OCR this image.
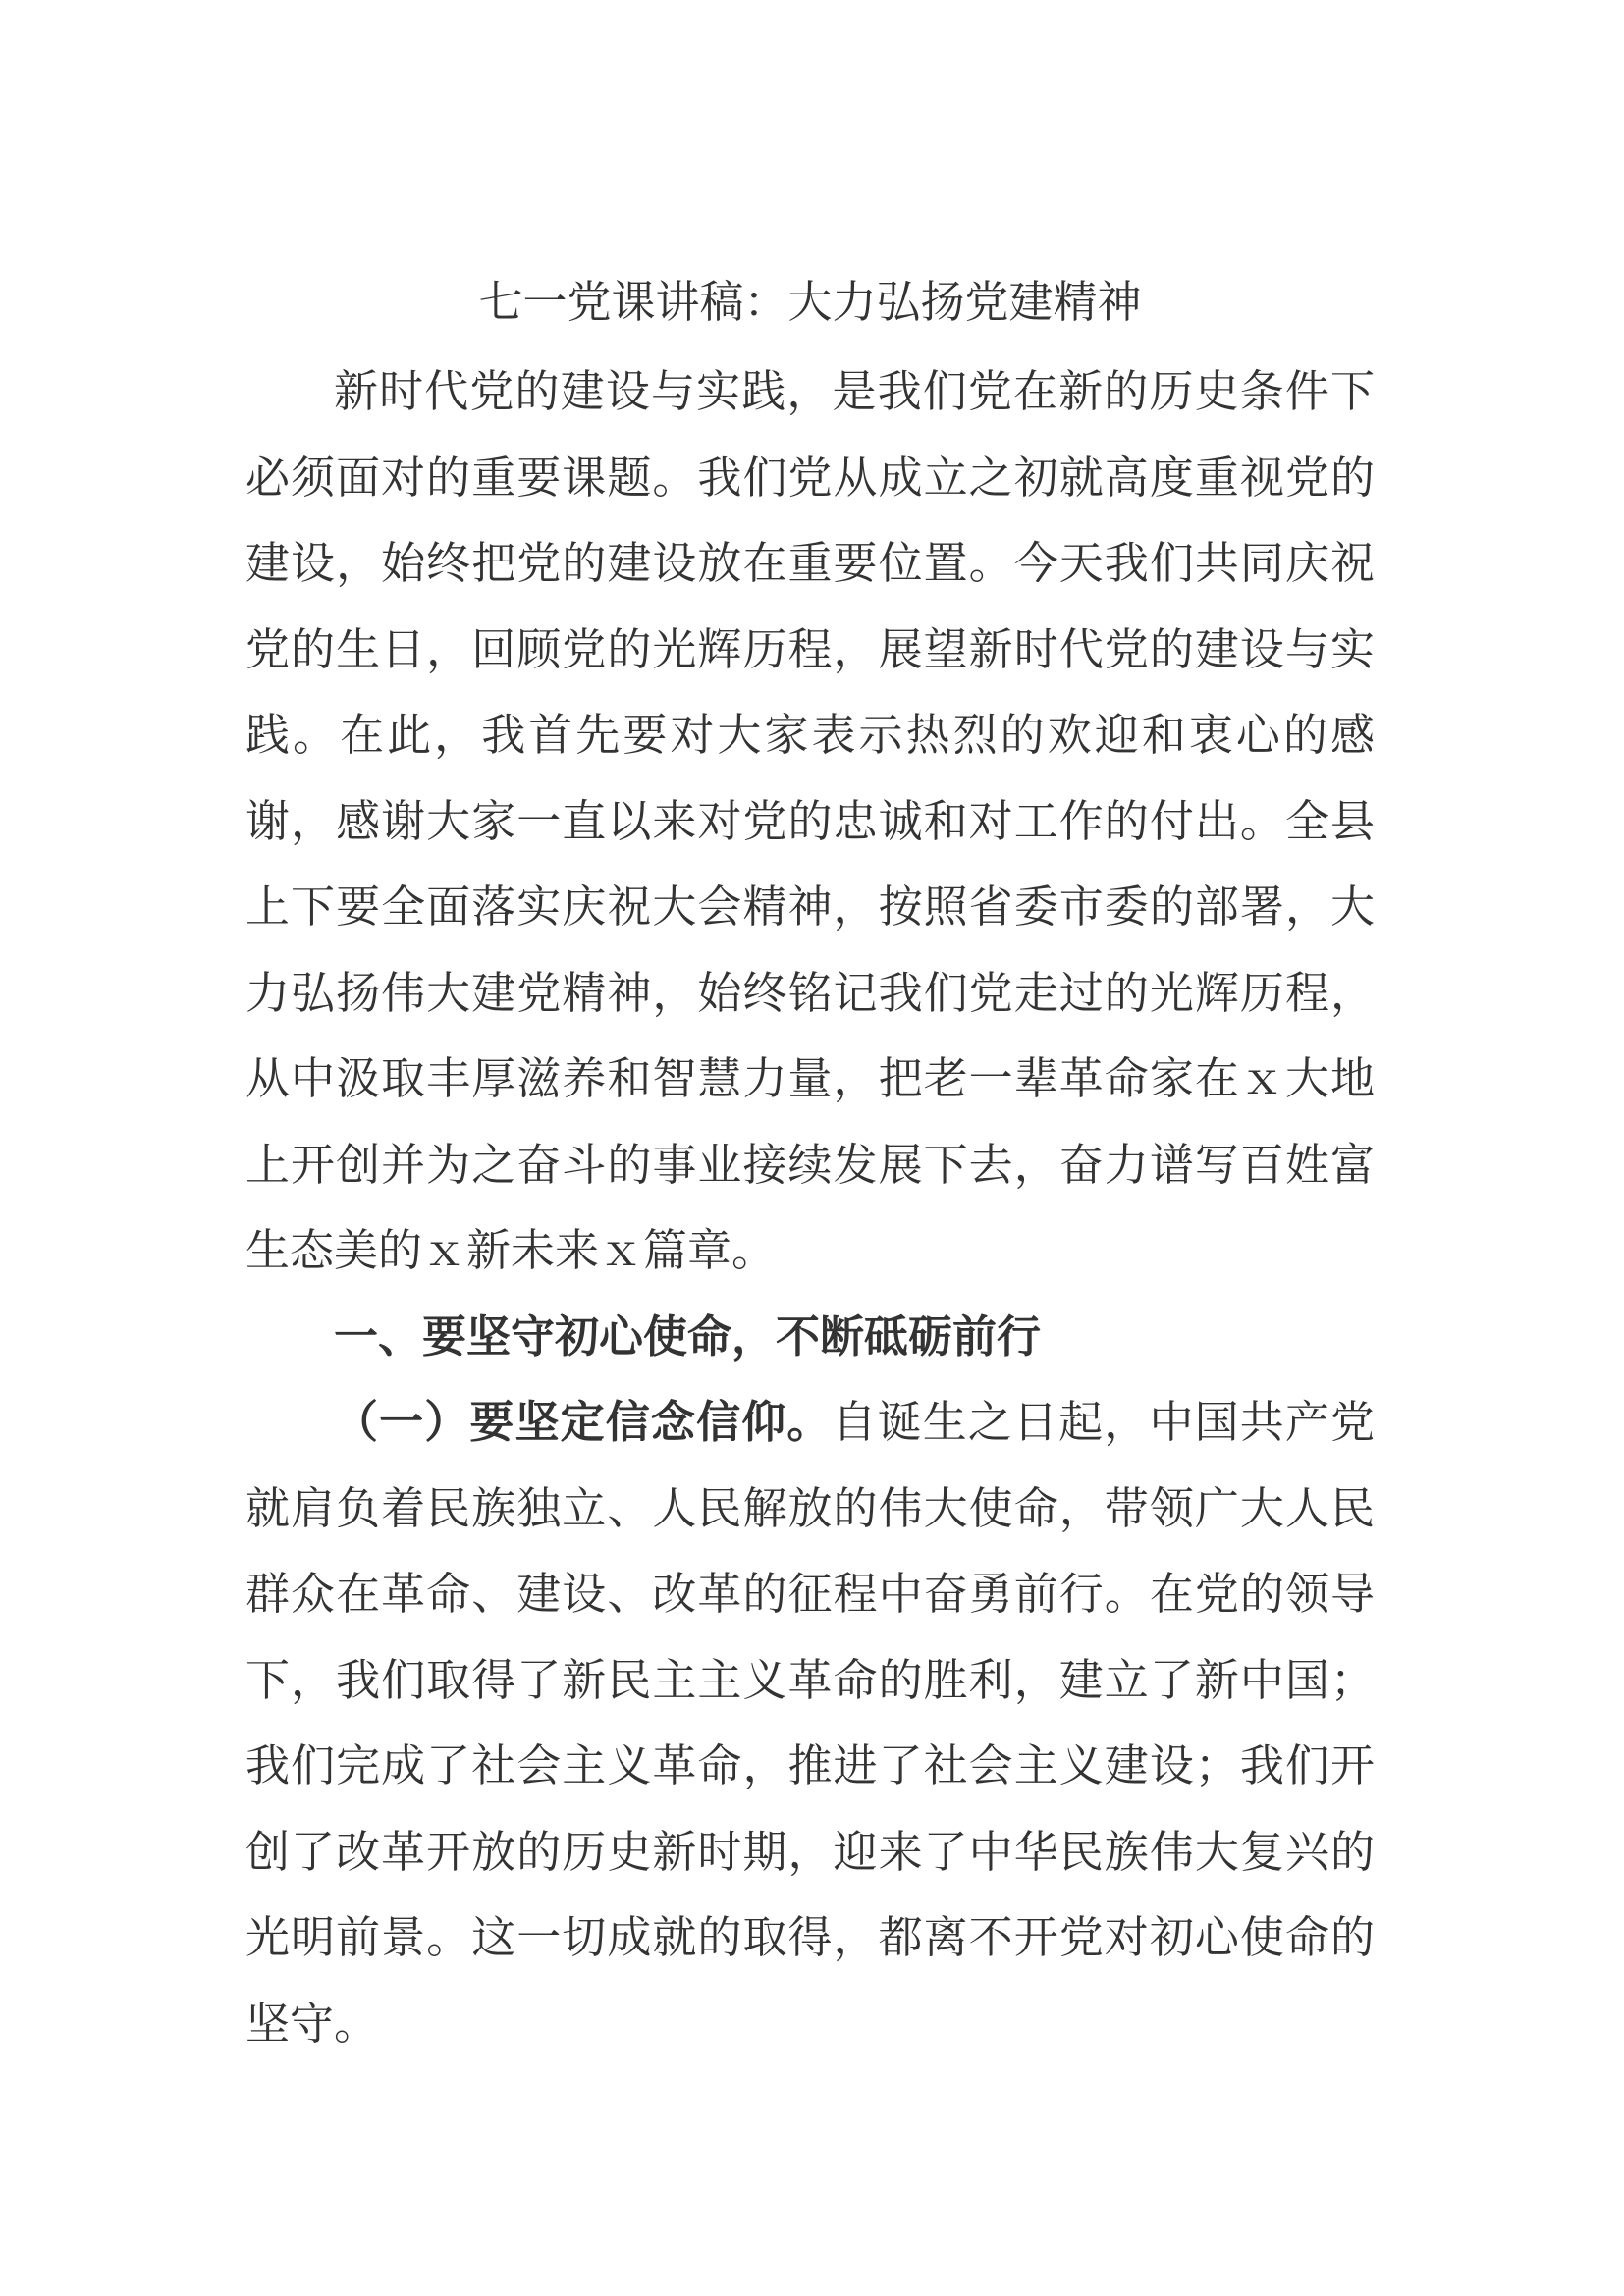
七一党课讲稿：大力弘扬党建精神

新时代党的建设与实践，是我们党在新的历史条件下必须面对的重要课题。我们党从成立之初就高度重视党的建设，始终把党的建设放在重要位置。今天我们共同庆祝党的生日，回顾党的光辉历程，展望新时代党的建设与实践。在此，我首先要对大家表示热烈的欢迎和衷心的感谢，感谢大家一直以来对党的忠诚和对工作的付出。全县上下要全面落实庆祝大会精神，按照省委市委的部署，大力弘扬伟大建党精神，始终铭记我们党走过的光辉历程，从中汲取丰厚滋养和智慧力量，把老一辈革命家在ｘ大地上开创并为之奋斗的事业接续发展下去，奋力谱写百姓富生态美的ｘ新未来ｘ篇章。

一、要坚守初心使命，不断砥砺前行

（一）要坚定信念信仰。自诞生之日起，中国共产党就肩负着民族独立、人民解放的伟大使命，带领广大人民群众在革命、建设、改革的征程中奋勇前行。在党的领导下，我们取得了新民主主义革命的胜利，建立了新中国；我们完成了社会主义革命，推进了社会主义建设；我们开创了改革开放的历史新时期，迎来了中华民族伟大复兴的光明前景。这一切成就的取得，都离不开党对初心使命的坚守。
